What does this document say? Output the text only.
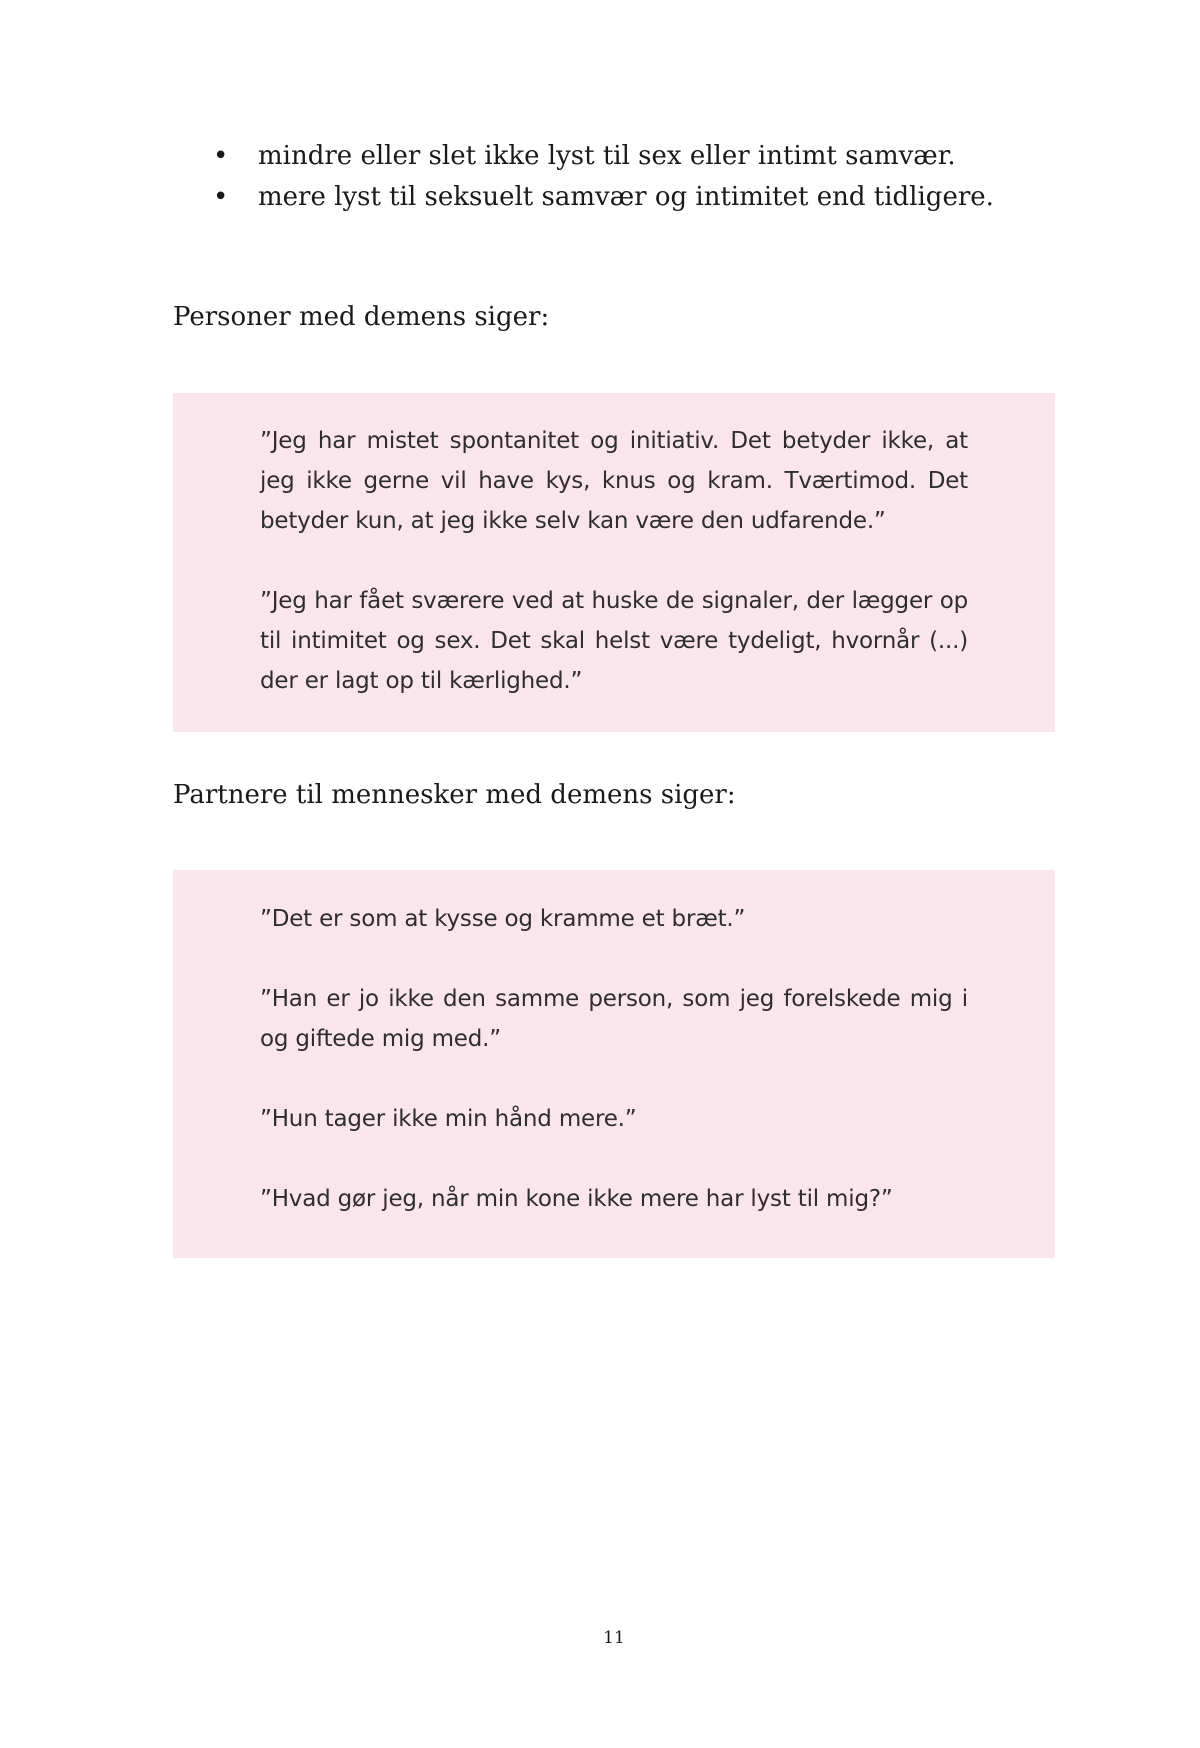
• mindre eller slet ikke lyst til sex eller intimt samvær.
• mere lyst til seksuelt samvær og intimitet end tidligere.
Personer med demens siger:

”Jeg har mistet spontanitet og initiativ. Det betyder ikke, at jeg ikke gerne vil have kys, knus og kram. Tværtimod. Det betyder kun, at jeg ikke selv kan være den udfarende.”

”Jeg har fået sværere ved at huske de signaler, der lægger op til intimitet og sex. Det skal helst være tydeligt, hvornår (...) der er lagt op til kærlighed.”

Partnere til mennesker med demens siger:

”Det er som at kysse og kramme et bræt.”

”Han er jo ikke den samme person, som jeg forelskede mig i og giftede mig med.”

”Hun tager ikke min hånd mere.”

”Hvad gør jeg, når min kone ikke mere har lyst til mig?”

11
